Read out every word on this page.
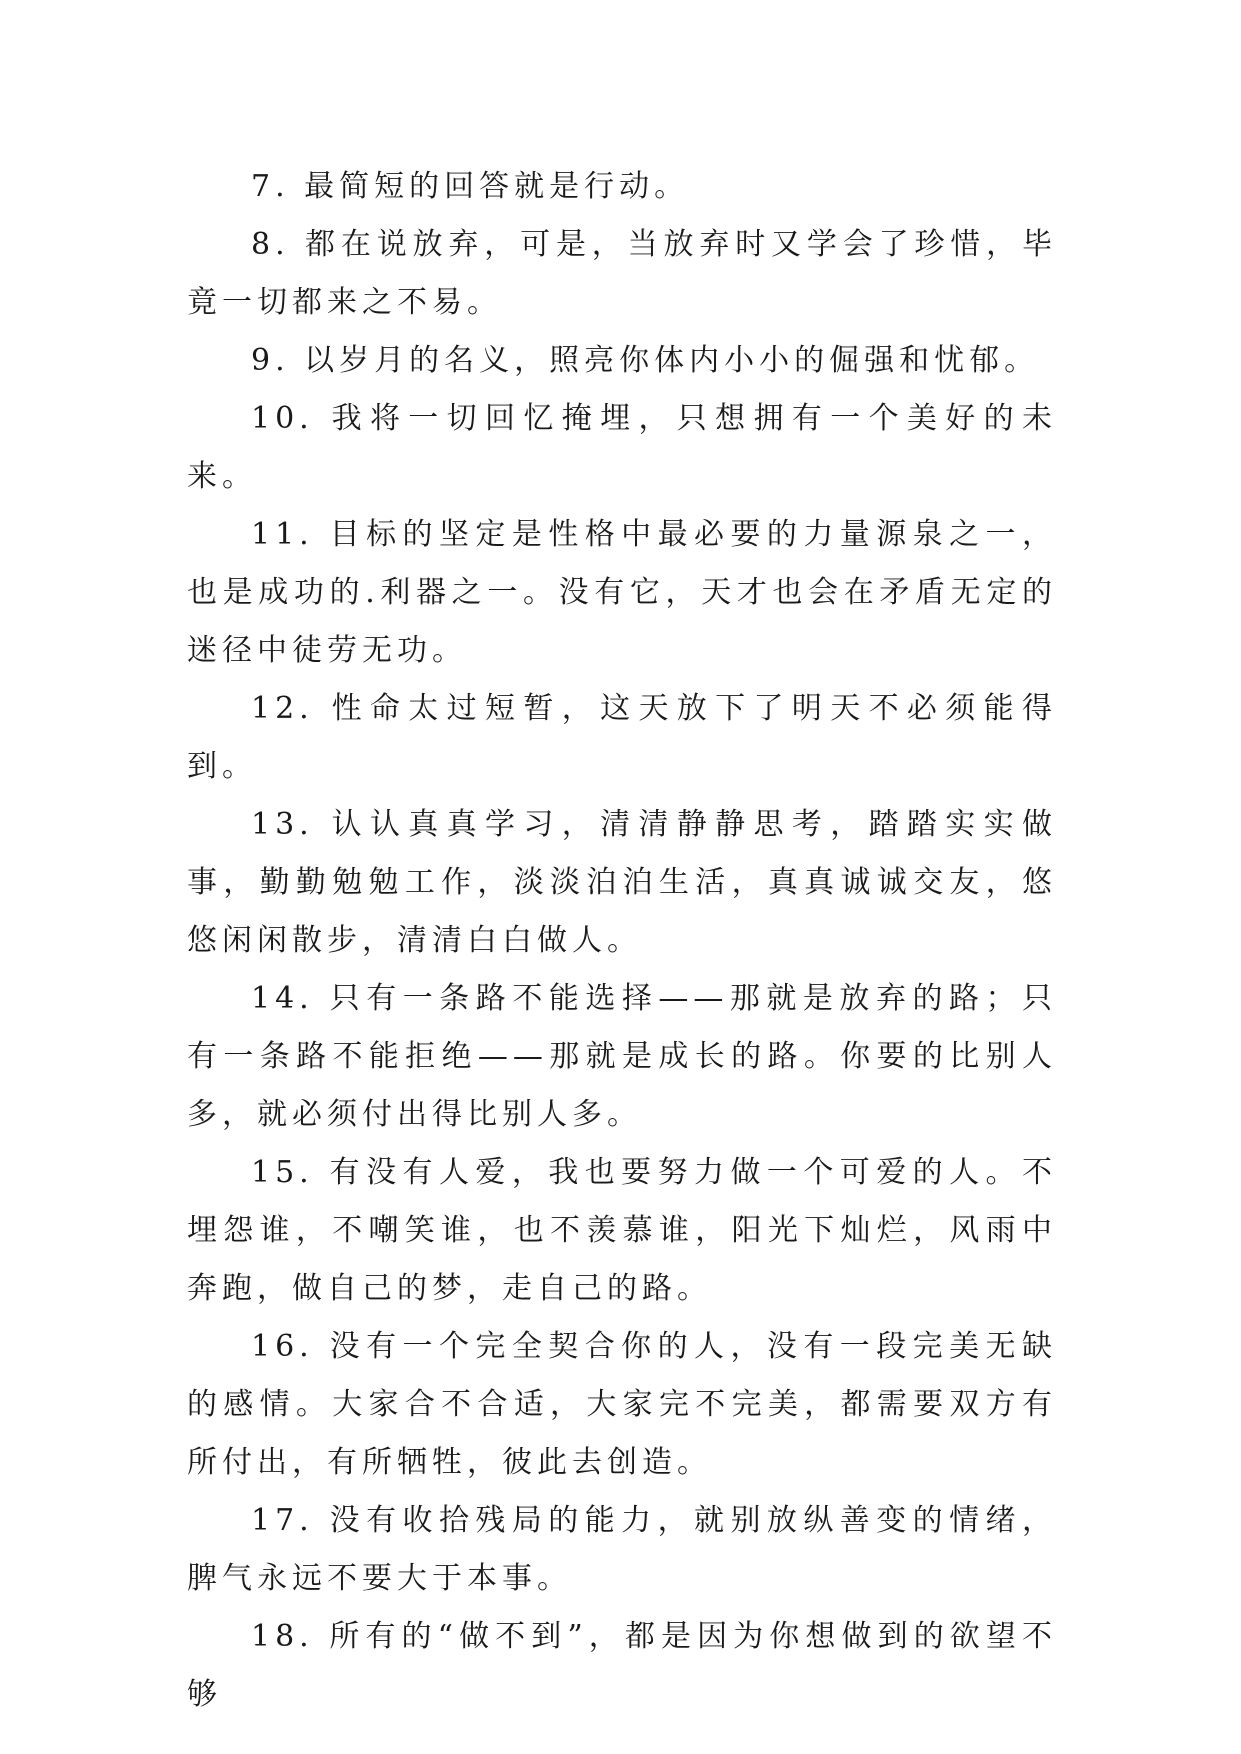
7. 最简短的回答就是行动。

8. 都在说放弃，可是，当放弃时又学会了珍惜，毕竟一切都来之不易。

9. 以岁月的名义，照亮你体内小小的倔强和忧郁。

10. 我将一切回忆掩埋，只想拥有一个美好的未来。

11. 目标的坚定是性格中最必要的力量源泉之一，也是成功的.利器之一。没有它，天才也会在矛盾无定的迷径中徒劳无功。

12. 性命太过短暂，这天放下了明天不必须能得到。

13. 认认真真学习，清清静静思考，踏踏实实做事，勤勤勉勉工作，淡淡泊泊生活，真真诚诚交友，悠悠闲闲散步，清清白白做人。

14. 只有一条路不能选择——那就是放弃的路；只有一条路不能拒绝——那就是成长的路。你要的比别人多，就必须付出得比别人多。

15. 有没有人爱，我也要努力做一个可爱的人。不埋怨谁，不嘲笑谁，也不羡慕谁，阳光下灿烂，风雨中奔跑，做自己的梦，走自己的路。

16. 没有一个完全契合你的人，没有一段完美无缺的感情。大家合不合适，大家完不完美，都需要双方有所付出，有所牺牲，彼此去创造。

17. 没有收拾残局的能力，就别放纵善变的情绪，脾气永远不要大于本事。

18. 所有的“做不到”，都是因为你想做到的欲望不够
